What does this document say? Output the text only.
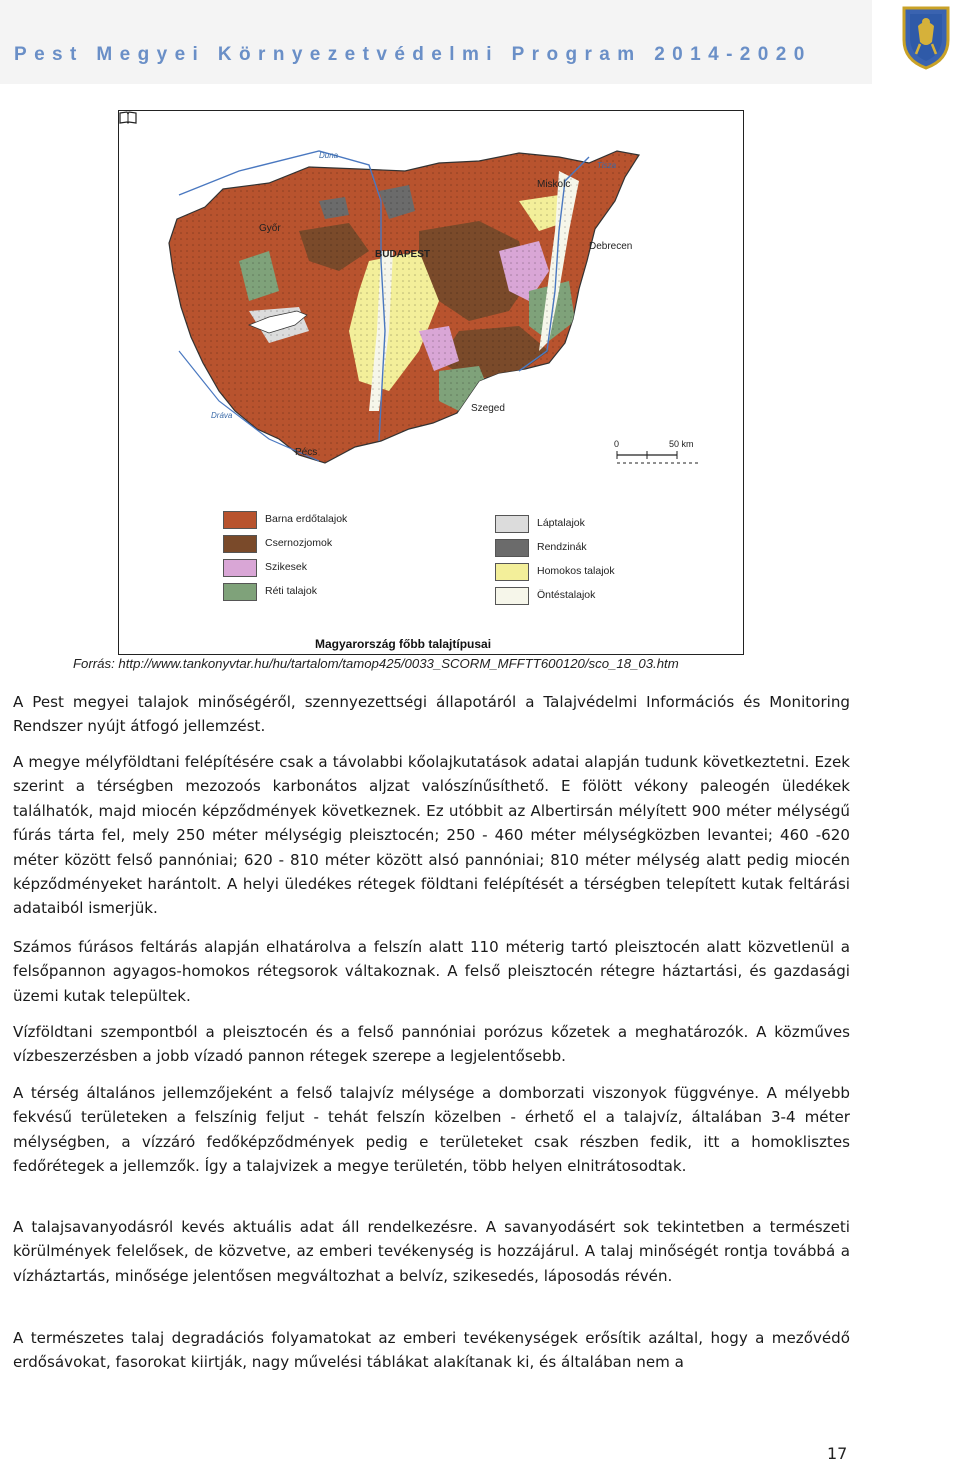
Pest Megyei Környezetvédelmi Program 2014-2020
Győr
BUDAPEST
Miskolc
Debrecen
Szeged
Pécs
Duna
Tisza
Dráva
0	50 km
Barna erdőtalajok
Csernozjomok
Szikesek
Réti talajok
Láptalajok
Rendzinák
Homokos talajok
Öntéstalajok
Magyarország főbb talajtípusai
Forrás: http://www.tankonyvtar.hu/hu/tartalom/tamop425/0033_SCORM_MFFTT600120/sco_18_03.htm

A Pest megyei talajok minőségéről, szennyezettségi állapotáról a Talajvédelmi Információs és Monitoring Rendszer nyújt átfogó jellemzést.

A megye mélyföldtani felépítésére csak a távolabbi kőolajkutatások adatai alapján tudunk következtetni. Ezek szerint a térségben mezozoós karbonátos aljzat valószínűsíthető. E fölött vékony paleogén üledékek találhatók, majd miocén képződmények következnek. Ez utóbbit az Albertirsán mélyített 900 méter mélységű fúrás tárta fel, mely 250 méter mélységig pleisztocén; 250 - 460 méter mélységközben levantei; 460 -620 méter között felső pannóniai; 620 - 810 méter között alsó pannóniai; 810 méter mélység alatt pedig miocén képződményeket harántolt. A helyi üledékes rétegek földtani felépítését a térségben telepített kutak feltárási adataiból ismerjük.

Számos fúrásos feltárás alapján elhatárolva a felszín alatt 110 méterig tartó pleisztocén alatt közvetlenül a felsőpannon agyagos-homokos rétegsorok váltakoznak. A felső pleisztocén rétegre háztartási, és gazdasági üzemi kutak települtek.

Vízföldtani szempontból a pleisztocén és a felső pannóniai porózus kőzetek a meghatározók. A közműves vízbeszerzésben a jobb vízadó pannon rétegek szerepe a legjelentősebb.

A térség általános jellemzőjeként a felső talajvíz mélysége a domborzati viszonyok függvénye. A mélyebb fekvésű területeken a felszínig feljut - tehát felszín közelben - érhető el a talajvíz, általában 3-4 méter mélységben, a vízzáró fedőképződmények pedig e területeket csak részben fedik, itt a homoklisztes fedőrétegek a jellemzők. Így a talajvizek a megye területén, több helyen elnitrátosodtak.

A talajsavanyodásról kevés aktuális adat áll rendelkezésre. A savanyodásért sok tekintetben a természeti körülmények felelősek, de közvetve, az emberi tevékenység is hozzájárul. A talaj minőségét rontja továbbá a vízháztartás, minősége jelentősen megváltozhat a belvíz, szikesedés, láposodás révén.

A természetes talaj degradációs folyamatokat az emberi tevékenységek erősítik azáltal, hogy a mezővédő erdősávokat, fasorokat kiirtják, nagy művelési táblákat alakítanak ki, és általában nem a

17
